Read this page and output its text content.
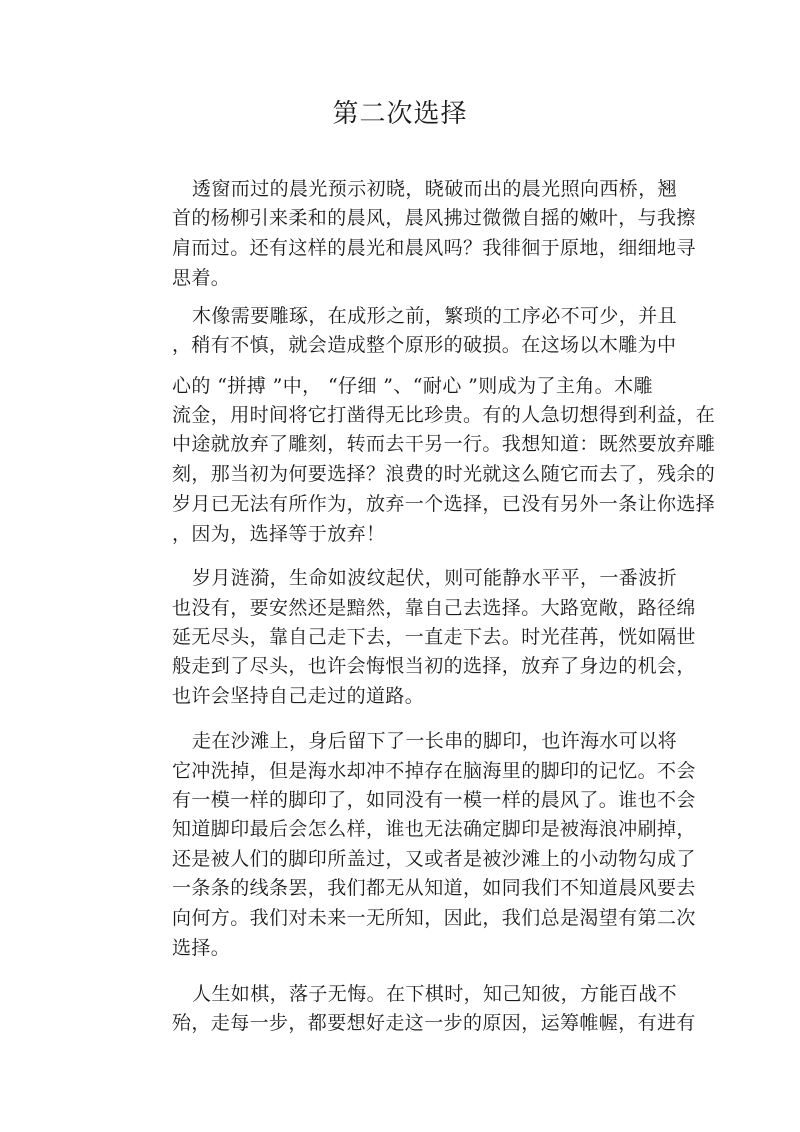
第二次选择
透窗而过的晨光预示初晓，晓破而出的晨光照向西桥，翘
首的杨柳引来柔和的晨风，晨风拂过微微自摇的嫩叶，与我擦
肩而过。还有这样的晨光和晨风吗？我徘徊于原地，细细地寻
思着。
木像需要雕琢，在成形之前，繁琐的工序必不可少，并且
，稍有不慎，就会造成整个原形的破损。在这场以木雕为中
心的 “拼搏 ”中， “仔细 ”、“耐心 ”则成为了主角。木雕
流金，用时间将它打凿得无比珍贵。有的人急切想得到利益，在
中途就放弃了雕刻，转而去干另一行。我想知道：既然要放弃雕
刻，那当初为何要选择？浪费的时光就这么随它而去了，残余的
岁月已无法有所作为，放弃一个选择，已没有另外一条让你选择
，因为，选择等于放弃！
岁月涟漪，生命如波纹起伏，则可能静水平平，一番波折
也没有，要安然还是黯然，靠自己去选择。大路宽敞，路径绵
延无尽头，靠自己走下去，一直走下去。时光荏苒，恍如隔世
般走到了尽头，也许会悔恨当初的选择，放弃了身边的机会，
也许会坚持自己走过的道路。
走在沙滩上，身后留下了一长串的脚印，也许海水可以将
它冲洗掉，但是海水却冲不掉存在脑海里的脚印的记忆。不会
有一模一样的脚印了，如同没有一模一样的晨风了。谁也不会
知道脚印最后会怎么样，谁也无法确定脚印是被海浪冲刷掉，
还是被人们的脚印所盖过，又或者是被沙滩上的小动物勾成了
一条条的线条罢，我们都无从知道，如同我们不知道晨风要去
向何方。我们对未来一无所知，因此，我们总是渴望有第二次
选择。
人生如棋，落子无悔。在下棋时，知己知彼，方能百战不
殆，走每一步，都要想好走这一步的原因，运筹帷幄，有进有
